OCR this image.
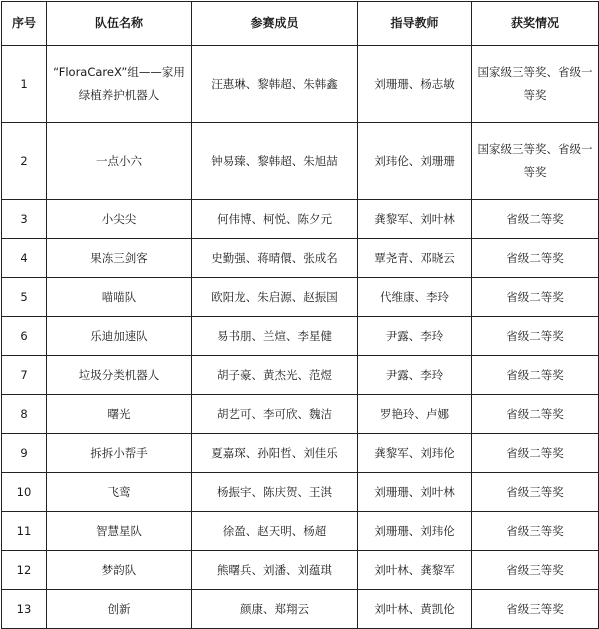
序号	队伍名称	参赛成员	指导教师	获奖情况
1	“FloraCareX”组——家用绿植养护机器人	汪惠琳、黎韩超、朱韩鑫	刘珊珊、杨志敏	国家级三等奖、省级一等奖
2	一点小六	钟易臻、黎韩超、朱旭喆	刘玮伦、刘珊珊	国家级三等奖、省级一等奖
3	小尖尖	何伟博、柯悦、陈夕元	龚黎军、刘叶林	省级二等奖
4	果冻三剑客	史勤强、蒋晴儇、张成名	覃尧青、邓晓云	省级二等奖
5	喵喵队	欧阳龙、朱启源、赵振国	代维康、李玲	省级二等奖
6	乐迪加速队	易书朋、兰煊、李星健	尹露、李玲	省级二等奖
7	垃圾分类机器人	胡子豪、黄杰光、范煜	尹露、李玲	省级二等奖
8	曙光	胡艺可、李可欣、魏洁	罗艳玲、卢娜	省级二等奖
9	拆拆小帮手	夏嘉琛、孙阳哲、刘佳乐	龚黎军、刘玮伦	省级二等奖
10	飞鸾	杨振宇、陈庆贺、王淇	刘珊珊、刘叶林	省级三等奖
11	智慧星队	徐盈、赵天明、杨超	刘珊珊、刘玮伦	省级三等奖
12	梦韵队	熊曙兵、刘潘、刘蕴琪	刘叶林、龚黎军	省级三等奖
13	创新	颜康、郑翔云	刘叶林、黄凯伦	省级三等奖
